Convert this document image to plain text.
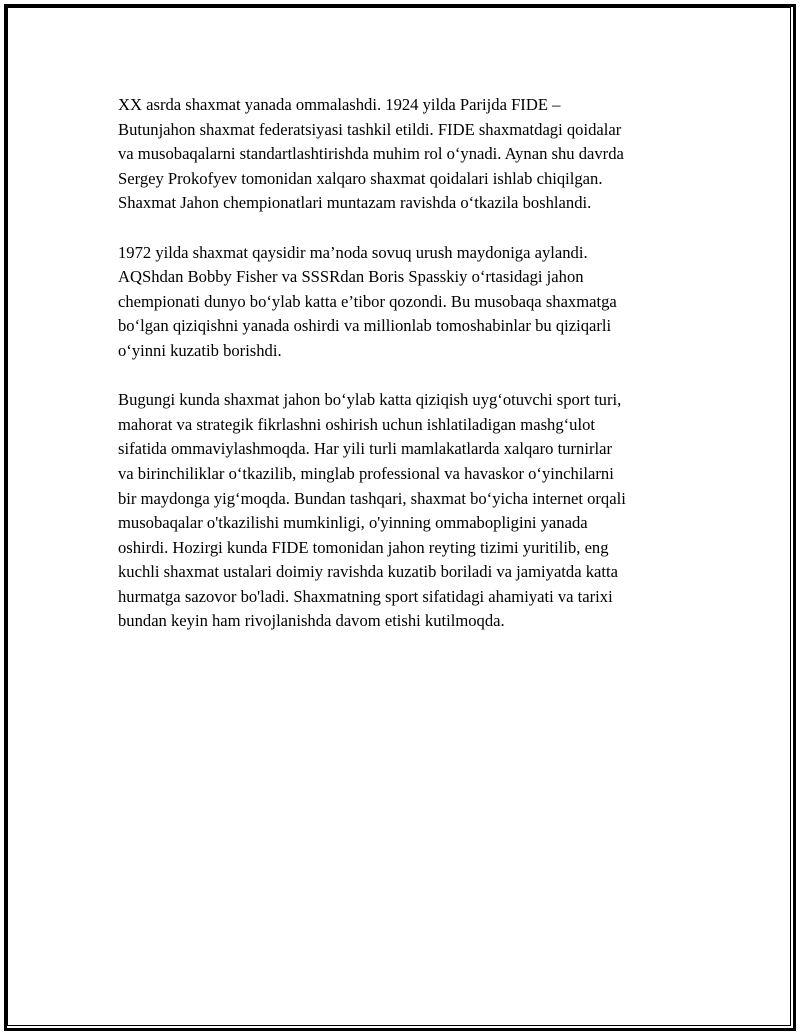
XX asrda shaxmat yanada ommalashdi. 1924 yilda Parijda FIDE –
Butunjahon shaxmat federatsiyasi tashkil etildi. FIDE shaxmatdagi qoidalar
va musobaqalarni standartlashtirishda muhim rol oʻynadi. Aynan shu davrda
Sergey Prokofyev tomonidan xalqaro shaxmat qoidalari ishlab chiqilgan.
Shaxmat Jahon chempionatlari muntazam ravishda oʻtkazila boshlandi.

1972 yilda shaxmat qaysidir ma’noda sovuq urush maydoniga aylandi.
AQShdan Bobby Fisher va SSSRdan Boris Spasskiy oʻrtasidagi jahon
chempionati dunyo boʻylab katta e’tibor qozondi. Bu musobaqa shaxmatga
boʻlgan qiziqishni yanada oshirdi va millionlab tomoshabinlar bu qiziqarli
oʻyinni kuzatib borishdi.

Bugungi kunda shaxmat jahon boʻylab katta qiziqish uygʻotuvchi sport turi,
mahorat va strategik fikrlashni oshirish uchun ishlatiladigan mashgʻulot
sifatida ommaviylashmoqda. Har yili turli mamlakatlarda xalqaro turnirlar
va birinchiliklar oʻtkazilib, minglab professional va havaskor oʻyinchilarni
bir maydonga yigʻmoqda. Bundan tashqari, shaxmat boʻyicha internet orqali
musobaqalar o'tkazilishi mumkinligi, o'yinning ommabopligini yanada
oshirdi. Hozirgi kunda FIDE tomonidan jahon reyting tizimi yuritilib, eng
kuchli shaxmat ustalari doimiy ravishda kuzatib boriladi va jamiyatda katta
hurmatga sazovor bo'ladi. Shaxmatning sport sifatidagi ahamiyati va tarixi
bundan keyin ham rivojlanishda davom etishi kutilmoqda.
